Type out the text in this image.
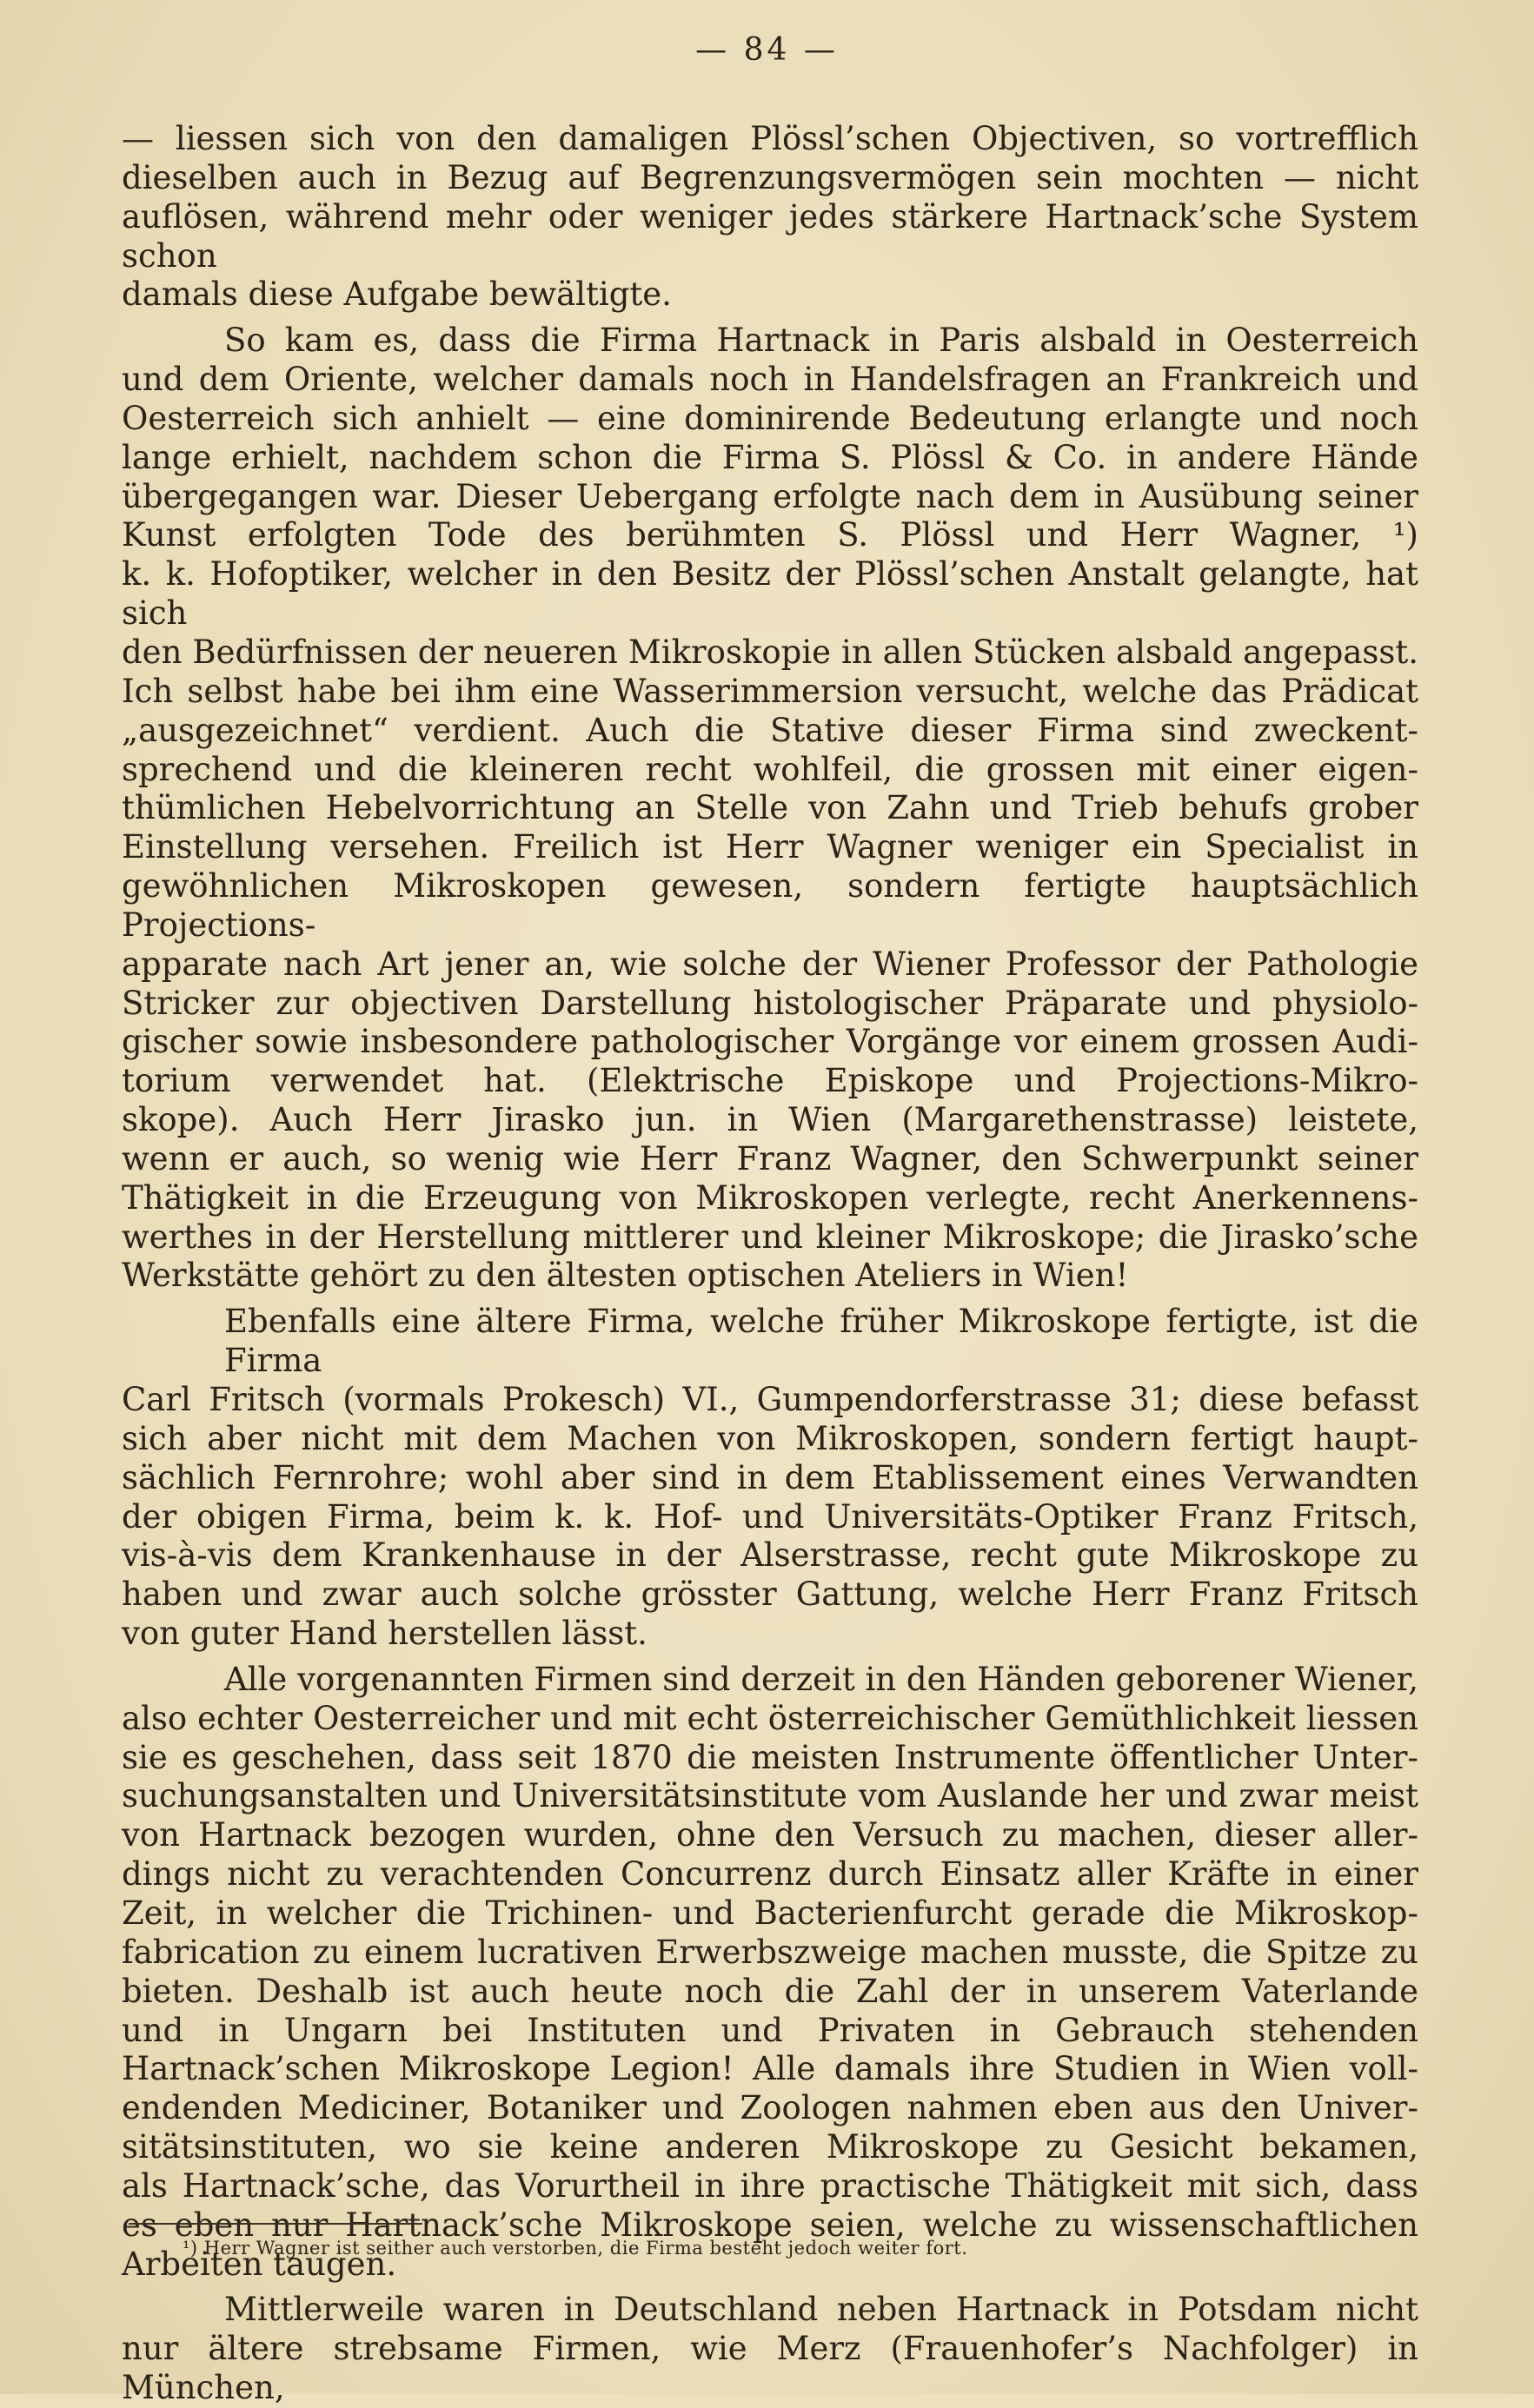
— 84 —

— liessen sich von den damaligen Plössl’schen Objectiven, so vortrefflich
dieselben auch in Bezug auf Begrenzungsvermögen sein mochten — nicht
auflösen, während mehr oder weniger jedes stärkere Hartnack’sche System schon
damals diese Aufgabe bewältigte.

So kam es, dass die Firma Hartnack in Paris alsbald in Oesterreich
und dem Oriente, welcher damals noch in Handelsfragen an Frankreich und
Oesterreich sich anhielt — eine dominirende Bedeutung erlangte und noch
lange erhielt, nachdem schon die Firma S. Plössl & Co. in andere Hände
übergegangen war. Dieser Uebergang erfolgte nach dem in Ausübung seiner
Kunst erfolgten Tode des berühmten S. Plössl und Herr Wagner, ¹)
k. k. Hofoptiker, welcher in den Besitz der Plössl’schen Anstalt gelangte, hat sich
den Bedürfnissen der neueren Mikroskopie in allen Stücken alsbald angepasst.
Ich selbst habe bei ihm eine Wasserimmersion versucht, welche das Prädicat
„ausgezeichnet“ verdient. Auch die Stative dieser Firma sind zweckent-
sprechend und die kleineren recht wohlfeil, die grossen mit einer eigen-
thümlichen Hebelvorrichtung an Stelle von Zahn und Trieb behufs grober
Einstellung versehen. Freilich ist Herr Wagner weniger ein Specialist in
gewöhnlichen Mikroskopen gewesen, sondern fertigte hauptsächlich Projections-
apparate nach Art jener an, wie solche der Wiener Professor der Pathologie
Stricker zur objectiven Darstellung histologischer Präparate und physiolo-
gischer sowie insbesondere pathologischer Vorgänge vor einem grossen Audi-
torium verwendet hat. (Elektrische Episkope und Projections-Mikro-
skope). Auch Herr Jirasko jun. in Wien (Margarethenstrasse) leistete,
wenn er auch, so wenig wie Herr Franz Wagner, den Schwerpunkt seiner
Thätigkeit in die Erzeugung von Mikroskopen verlegte, recht Anerkennens-
werthes in der Herstellung mittlerer und kleiner Mikroskope; die Jirasko’sche
Werkstätte gehört zu den ältesten optischen Ateliers in Wien!

Ebenfalls eine ältere Firma, welche früher Mikroskope fertigte, ist die Firma
Carl Fritsch (vormals Prokesch) VI., Gumpendorferstrasse 31; diese befasst
sich aber nicht mit dem Machen von Mikroskopen, sondern fertigt haupt-
sächlich Fernrohre; wohl aber sind in dem Etablissement eines Verwandten
der obigen Firma, beim k. k. Hof- und Universitäts-Optiker Franz Fritsch,
vis-à-vis dem Krankenhause in der Alserstrasse, recht gute Mikroskope zu
haben und zwar auch solche grösster Gattung, welche Herr Franz Fritsch
von guter Hand herstellen lässt.

Alle vorgenannten Firmen sind derzeit in den Händen geborener Wiener,
also echter Oesterreicher und mit echt österreichischer Gemüthlichkeit liessen
sie es geschehen, dass seit 1870 die meisten Instrumente öffentlicher Unter-
suchungsanstalten und Universitätsinstitute vom Auslande her und zwar meist
von Hartnack bezogen wurden, ohne den Versuch zu machen, dieser aller-
dings nicht zu verachtenden Concurrenz durch Einsatz aller Kräfte in einer
Zeit, in welcher die Trichinen- und Bacterienfurcht gerade die Mikroskop-
fabrication zu einem lucrativen Erwerbszweige machen musste, die Spitze zu
bieten. Deshalb ist auch heute noch die Zahl der in unserem Vaterlande
und in Ungarn bei Instituten und Privaten in Gebrauch stehenden
Hartnack’schen Mikroskope Legion! Alle damals ihre Studien in Wien voll-
endenden Mediciner, Botaniker und Zoologen nahmen eben aus den Univer-
sitätsinstituten, wo sie keine anderen Mikroskope zu Gesicht bekamen,
als Hartnack’sche, das Vorurtheil in ihre practische Thätigkeit mit sich, dass
es eben nur Hartnack’sche Mikroskope seien, welche zu wissenschaftlichen
Arbeiten taugen.

Mittlerweile waren in Deutschland neben Hartnack in Potsdam nicht
nur ältere strebsame Firmen, wie Merz (Frauenhofer’s Nachfolger) in München,

¹) Herr Wagner ist seither auch verstorben, die Firma besteht jedoch weiter fort.
